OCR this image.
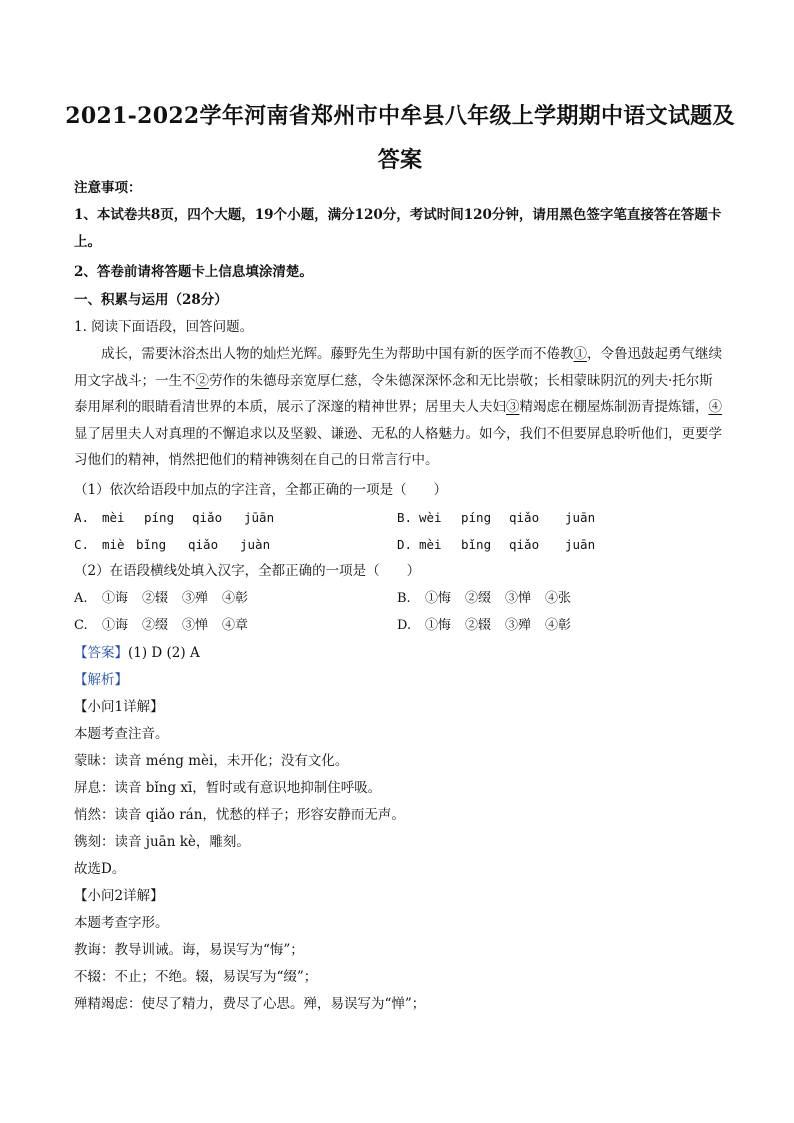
2021-2022学年河南省郑州市中牟县八年级上学期期中语文试题及答案
注意事项：
1、本试卷共8页，四个大题，19个小题，满分120分，考试时间120分钟，请用黑色签字笔直接答在答题卡上。
2、答卷前请将答题卡上信息填涂清楚。
一、积累与运用（28分）
1. 阅读下面语段，回答问题。
成长，需要沐浴杰出人物的灿烂光辉。藤野先生为帮助中国有新的医学而不倦教①，令鲁迅鼓起勇气继续用文字战斗；一生不②劳作的朱德母亲宽厚仁慈，令朱德深深怀念和无比崇敬；长相蒙昧阴沉的列夫·托尔斯泰用犀利的眼睛看清世界的本质，展示了深邃的精神世界；居里夫人夫妇③精竭虑在棚屋炼制沥青提炼镭，④显了居里夫人对真理的不懈追求以及坚毅、谦逊、无私的人格魅力。如今，我们不但要屏息聆听他们，更要学习他们的精神，悄然把他们的精神镌刻在自己的日常言行中。
（1）依次给语段中加点的字注音，全都正确的一项是（　　）
A. mèi píng qiǎo jūān	B. wèi píng qiǎo juān
C. miè bǐng qiǎo juàn	D. mèi bǐng qiǎo juān
（2）在语段横线处填入汉字，全都正确的一项是（　　）
A. ①诲 ②辍 ③殚 ④彰	B. ①悔 ②缀 ③惮 ④张
C. ①诲 ②缀 ③惮 ④章	D. ①悔 ②辍 ③殚 ④彰
【答案】(1) D (2) A
【解析】
【小问1详解】
本题考查注音。
蒙昧：读音 méng mèi，未开化；没有文化。
屏息：读音 bǐng xī，暂时或有意识地抑制住呼吸。
悄然：读音 qiǎo rán，忧愁的样子；形容安静而无声。
镌刻：读音 juān kè，雕刻。
故选D。
【小问2详解】
本题考查字形。
教诲：教导训诫。诲，易误写为“悔”；
不辍：不止；不绝。辍，易误写为“缀”；
殚精竭虑：使尽了精力，费尽了心思。殚，易误写为“惮”；
